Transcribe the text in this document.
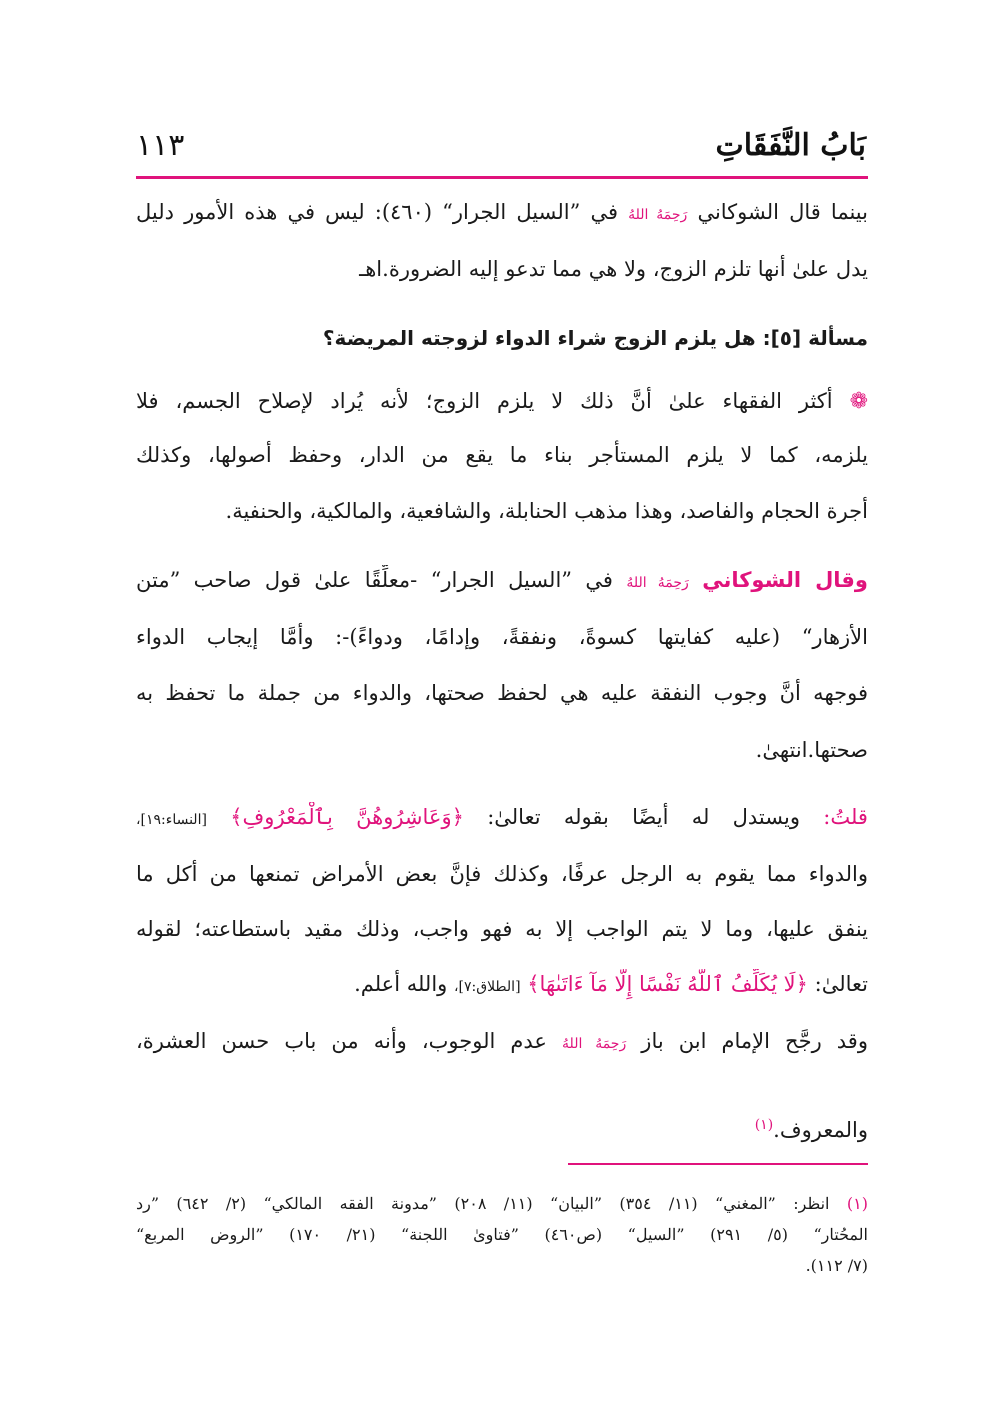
بَابُ النَّفَقَاتِ
١١٣
بينما قال الشوكاني رَحِمَهُ اللهُ في ”السيل الجرار“ (٤٦٠): ليس في هذه الأمور دليل
يدل علىٰ أنها تلزم الزوج، ولا هي مما تدعو إليه الضرورة.اهـ
مسألة [٥]: هل يلزم الزوج شراء الدواء لزوجته المريضة؟
❁ أكثر الفقهاء علىٰ أنَّ ذلك لا يلزم الزوج؛ لأنه يُراد لإصلاح الجسم، فلا
يلزمه، كما لا يلزم المستأجر بناء ما يقع من الدار، وحفظ أصولها، وكذلك
أجرة الحجام والفاصد، وهذا مذهب الحنابلة، والشافعية، والمالكية، والحنفية.
وقال الشوكاني رَحِمَهُ اللهُ في ”السيل الجرار“ -معلِّقًا علىٰ قول صاحب ”متن
الأزهار“ (عليه كفايتها كسوةً، ونفقةً، وإدامًا، ودواءً)-: وأمَّا إيجاب الدواء
فوجهه أنَّ وجوب النفقة عليه هي لحفظ صحتها، والدواء من جملة ما تحفظ به
صحتها.انتهىٰ.
قلتُ: ويستدل له أيضًا بقوله تعالىٰ: ﴿وَعَاشِرُوهُنَّ بِٱلْمَعْرُوفِ﴾ [النساء:١٩]،
والدواء مما يقوم به الرجل عرفًا، وكذلك فإنَّ بعض الأمراض تمنعها من أكل ما
ينفق عليها، وما لا يتم الواجب إلا به فهو واجب، وذلك مقيد باستطاعته؛ لقوله
تعالىٰ: ﴿لَا يُكَلِّفُ ٱللَّهُ نَفْسًا إِلَّا مَآ ءَاتَىٰهَا﴾ [الطلاق:٧]، والله أعلم.
وقد رجَّح الإمام ابن باز رَحِمَهُ اللهُ عدم الوجوب، وأنه من باب حسن العشرة،
والمعروف.$^{(١)}$
(١) انظر: ”المغني“ (١١/ ٣٥٤) ”البيان“ (١١/ ٢٠٨) ”مدونة الفقه المالكي“ (٢/ ٦٤٢) ”رد
المحُتار“ (٥/ ٢٩١) ”السيل“ (ص٤٦٠) ”فتاوىٰ اللجنة“ (٢١/ ١٧٠) ”الروض المربع“
(٧/ ١١٢).
